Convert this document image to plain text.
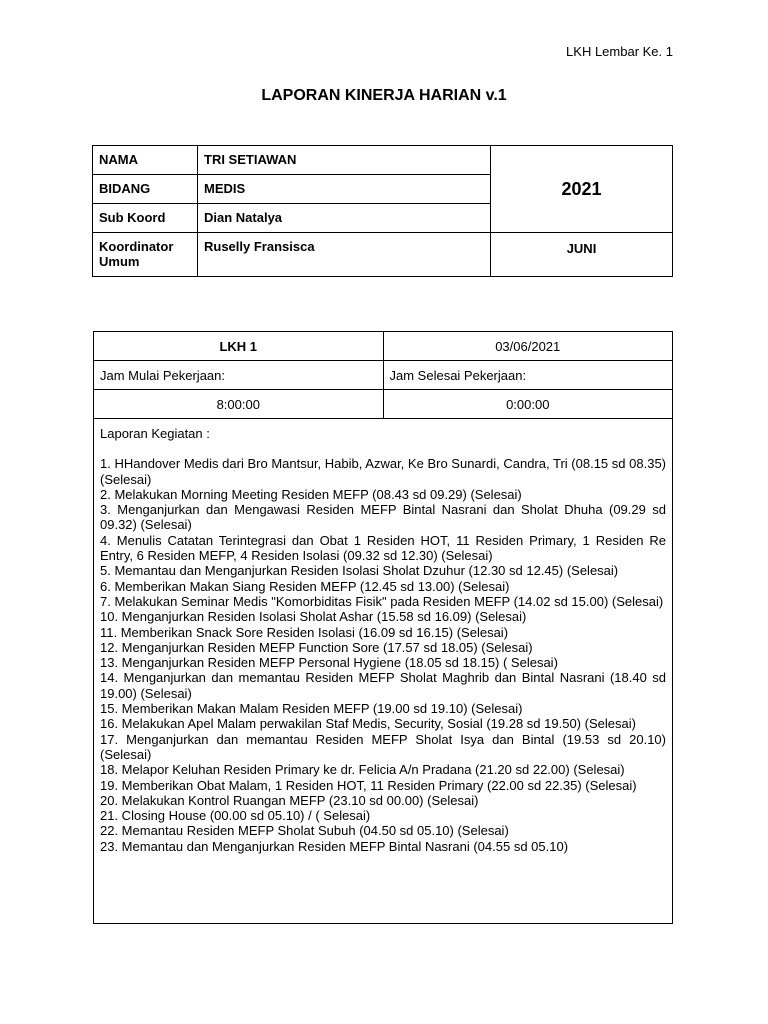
LKH Lembar Ke. 1
LAPORAN KINERJA HARIAN v.1
NAMA	TRI SETIAWAN	2021
BIDANG	MEDIS	
Sub Koord	Dian Natalya	
Koordinator Umum	Ruselly Fransisca	JUNI
LKH 1	03/06/2021
Jam Mulai Pekerjaan:	Jam Selesai Pekerjaan:
8:00:00	0:00:00
Laporan Kegiatan :
1. HHandover Medis dari Bro Mantsur, Habib, Azwar, Ke Bro Sunardi, Candra, Tri (08.15 sd 08.35) (Selesai)
2. Melakukan Morning Meeting Residen MEFP (08.43 sd 09.29) (Selesai)
3. Menganjurkan dan Mengawasi Residen MEFP Bintal Nasrani dan Sholat Dhuha (09.29 sd 09.32) (Selesai)
4. Menulis Catatan Terintegrasi dan Obat 1 Residen HOT, 11 Residen Primary, 1 Residen Re Entry, 6 Residen MEFP, 4 Residen Isolasi (09.32 sd 12.30) (Selesai)
5. Memantau dan Menganjurkan Residen Isolasi Sholat Dzuhur (12.30 sd 12.45) (Selesai)
6. Memberikan Makan Siang Residen MEFP (12.45 sd 13.00) (Selesai)
7. Melakukan Seminar Medis "Komorbiditas Fisik" pada Residen MEFP (14.02 sd 15.00) (Selesai)
10. Menganjurkan Residen Isolasi Sholat Ashar (15.58 sd 16.09) (Selesai)
11. Memberikan Snack Sore Residen Isolasi (16.09 sd 16.15) (Selesai)
12. Menganjurkan Residen MEFP Function Sore (17.57 sd 18.05) (Selesai)
13. Menganjurkan Residen MEFP Personal Hygiene (18.05 sd 18.15) ( Selesai)
14. Menganjurkan dan memantau Residen MEFP Sholat Maghrib dan Bintal Nasrani (18.40 sd 19.00) (Selesai)
15. Memberikan Makan Malam Residen MEFP (19.00 sd 19.10) (Selesai)
16. Melakukan Apel Malam perwakilan Staf Medis, Security, Sosial (19.28 sd 19.50) (Selesai)
17. Menganjurkan dan memantau Residen MEFP Sholat Isya dan Bintal (19.53 sd 20.10) (Selesai)
18. Melapor Keluhan Residen Primary ke dr. Felicia A/n Pradana (21.20 sd 22.00) (Selesai)
19. Memberikan Obat Malam, 1 Residen HOT, 11 Residen Primary (22.00 sd 22.35) (Selesai)
20. Melakukan Kontrol Ruangan MEFP (23.10 sd 00.00) (Selesai)
21. Closing House (00.00 sd 05.10) / ( Selesai)
22. Memantau Residen MEFP Sholat Subuh (04.50 sd 05.10) (Selesai)
23. Memantau dan Menganjurkan Residen MEFP Bintal Nasrani (04.55 sd 05.10)
